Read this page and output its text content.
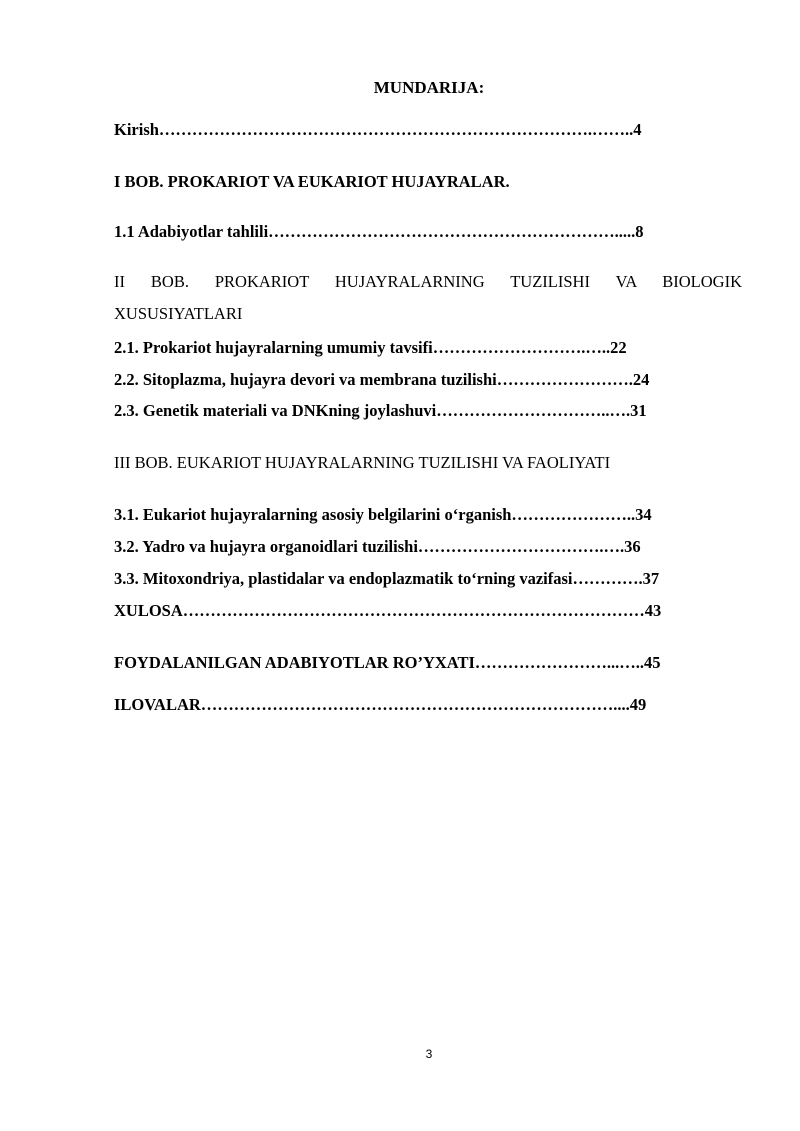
MUNDARIJA:
Kirish…………………………………………………………………….……..4
I BOB. PROKARIOT VA EUKARIOT HUJAYRALAR.
1.1 Adabiyotlar tahlili……………………………………………………….....8
II BOB. PROKARIOT HUJAYRALARNING TUZILISHI VA BIOLOGIK XUSUSIYATLARI
2.1. Prokariot hujayralarning umumiy tavsifi……………………….…..22
2.2. Sitoplazma, hujayra devori va membrana tuzilishi…………………….24
2.3. Genetik materiali va DNKning joylashuvi…………………………..….31
III BOB. EUKARIOT HUJAYRALARNING TUZILISHI VA FAOLIYATI
3.1. Eukariot hujayralarning asosiy belgilarini o‘rganish…………………..34
3.2. Yadro va hujayra organoidlari tuzilishi…………………………….….36
3.3. Mitoxondriya, plastidalar va endoplazmatik to‘rning vazifasi………….37
XULOSA…………………………………………………………………………43
FOYDALANILGAN ADABIYOTLAR RO’YXATI……………………...…..45
ILOVALAR…………………………………………………………………....49
3
